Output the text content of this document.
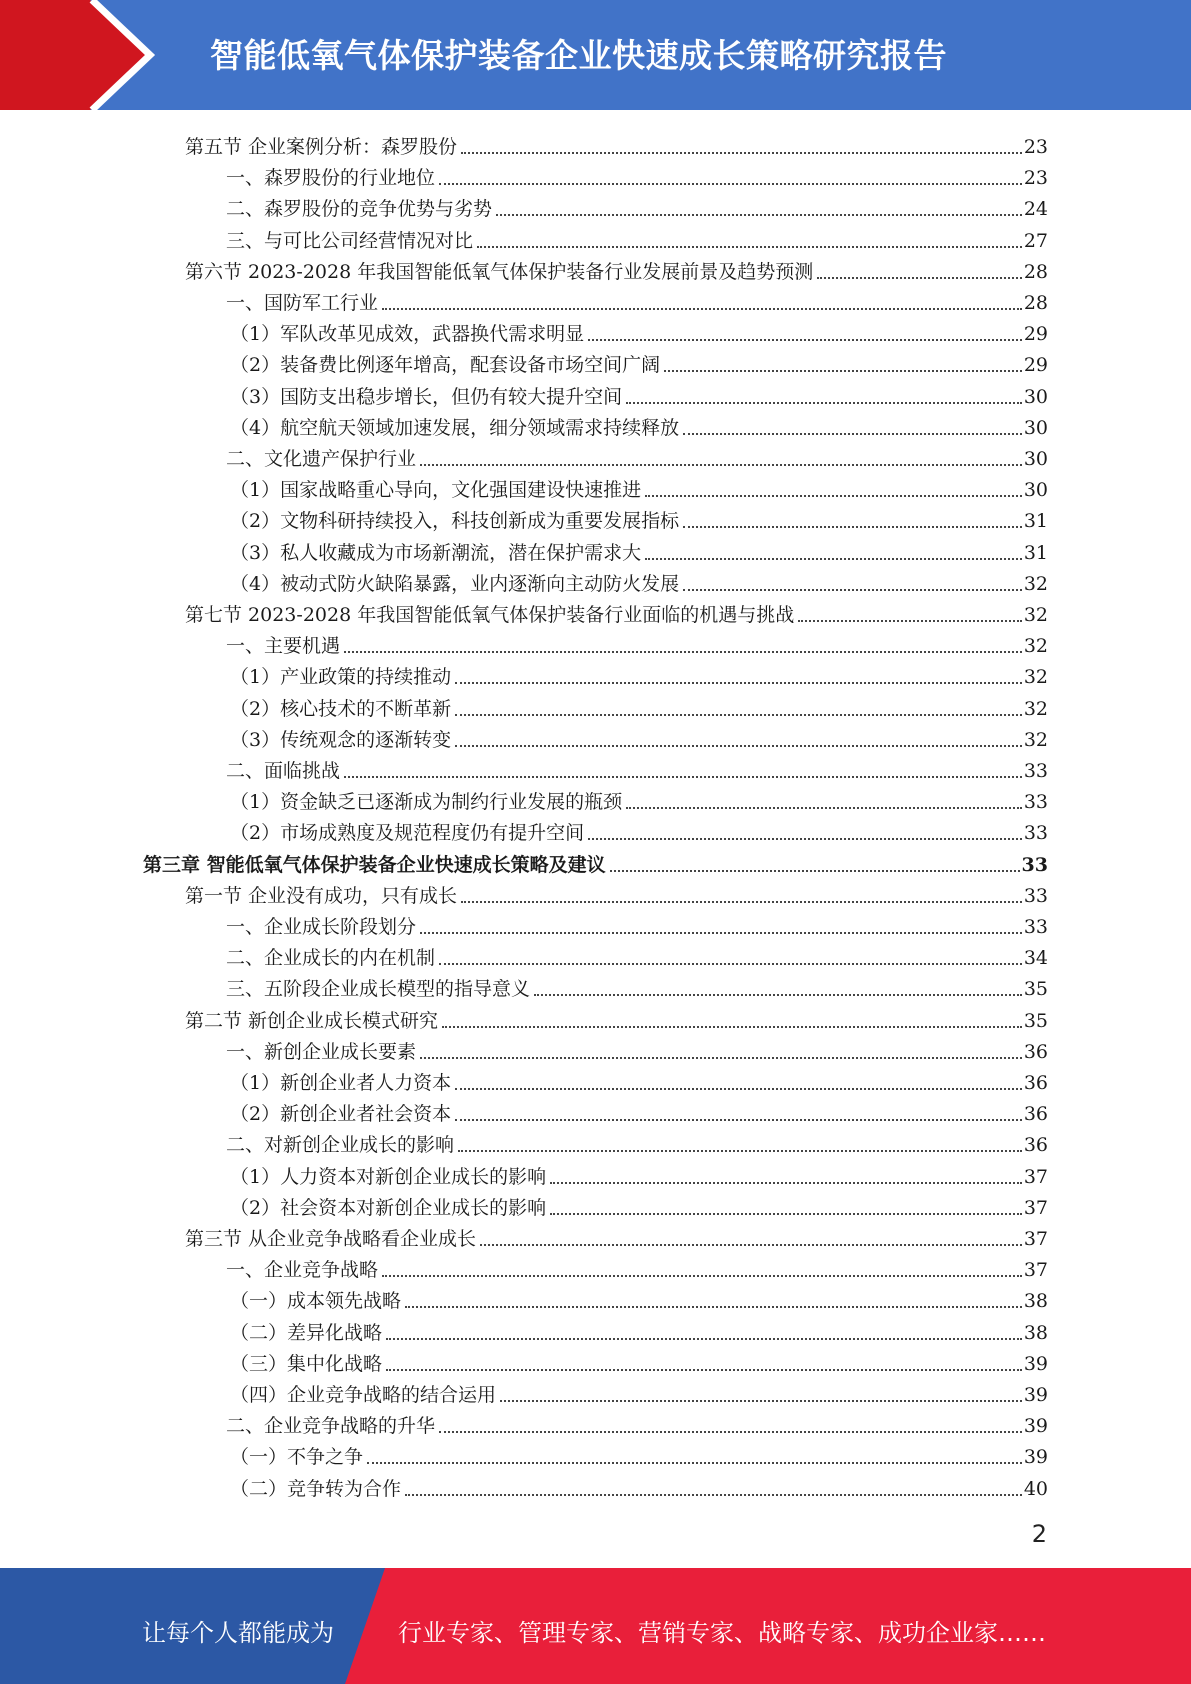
智能低氧气体保护装备企业快速成长策略研究报告
第五节 企业案例分析：森罗股份	23
一、森罗股份的行业地位	23
二、森罗股份的竞争优势与劣势	24
三、与可比公司经营情况对比	27
第六节 2023-2028 年我国智能低氧气体保护装备行业发展前景及趋势预测	28
一、国防军工行业	28
（1）军队改革见成效，武器换代需求明显	29
（2）装备费比例逐年增高，配套设备市场空间广阔	29
（3）国防支出稳步增长，但仍有较大提升空间	30
（4）航空航天领域加速发展，细分领域需求持续释放	30
二、文化遗产保护行业	30
（1）国家战略重心导向，文化强国建设快速推进	30
（2）文物科研持续投入，科技创新成为重要发展指标	31
（3）私人收藏成为市场新潮流，潜在保护需求大	31
（4）被动式防火缺陷暴露，业内逐渐向主动防火发展	32
第七节 2023-2028 年我国智能低氧气体保护装备行业面临的机遇与挑战	32
一、主要机遇	32
（1）产业政策的持续推动	32
（2）核心技术的不断革新	32
（3）传统观念的逐渐转变	32
二、面临挑战	33
（1）资金缺乏已逐渐成为制约行业发展的瓶颈	33
（2）市场成熟度及规范程度仍有提升空间	33
第三章 智能低氧气体保护装备企业快速成长策略及建议	33
第一节 企业没有成功，只有成长	33
一、企业成长阶段划分	33
二、企业成长的内在机制	34
三、五阶段企业成长模型的指导意义	35
第二节 新创企业成长模式研究	35
一、新创企业成长要素	36
（1）新创企业者人力资本	36
（2）新创企业者社会资本	36
二、对新创企业成长的影响	36
（1）人力资本对新创企业成长的影响	37
（2）社会资本对新创企业成长的影响	37
第三节 从企业竞争战略看企业成长	37
一、企业竞争战略	37
（一）成本领先战略	38
（二）差异化战略	38
（三）集中化战略	39
（四）企业竞争战略的结合运用	39
二、企业竞争战略的升华	39
（一）不争之争	39
（二）竞争转为合作	40
2
让每个人都能成为	行业专家、管理专家、营销专家、战略专家、成功企业家……
